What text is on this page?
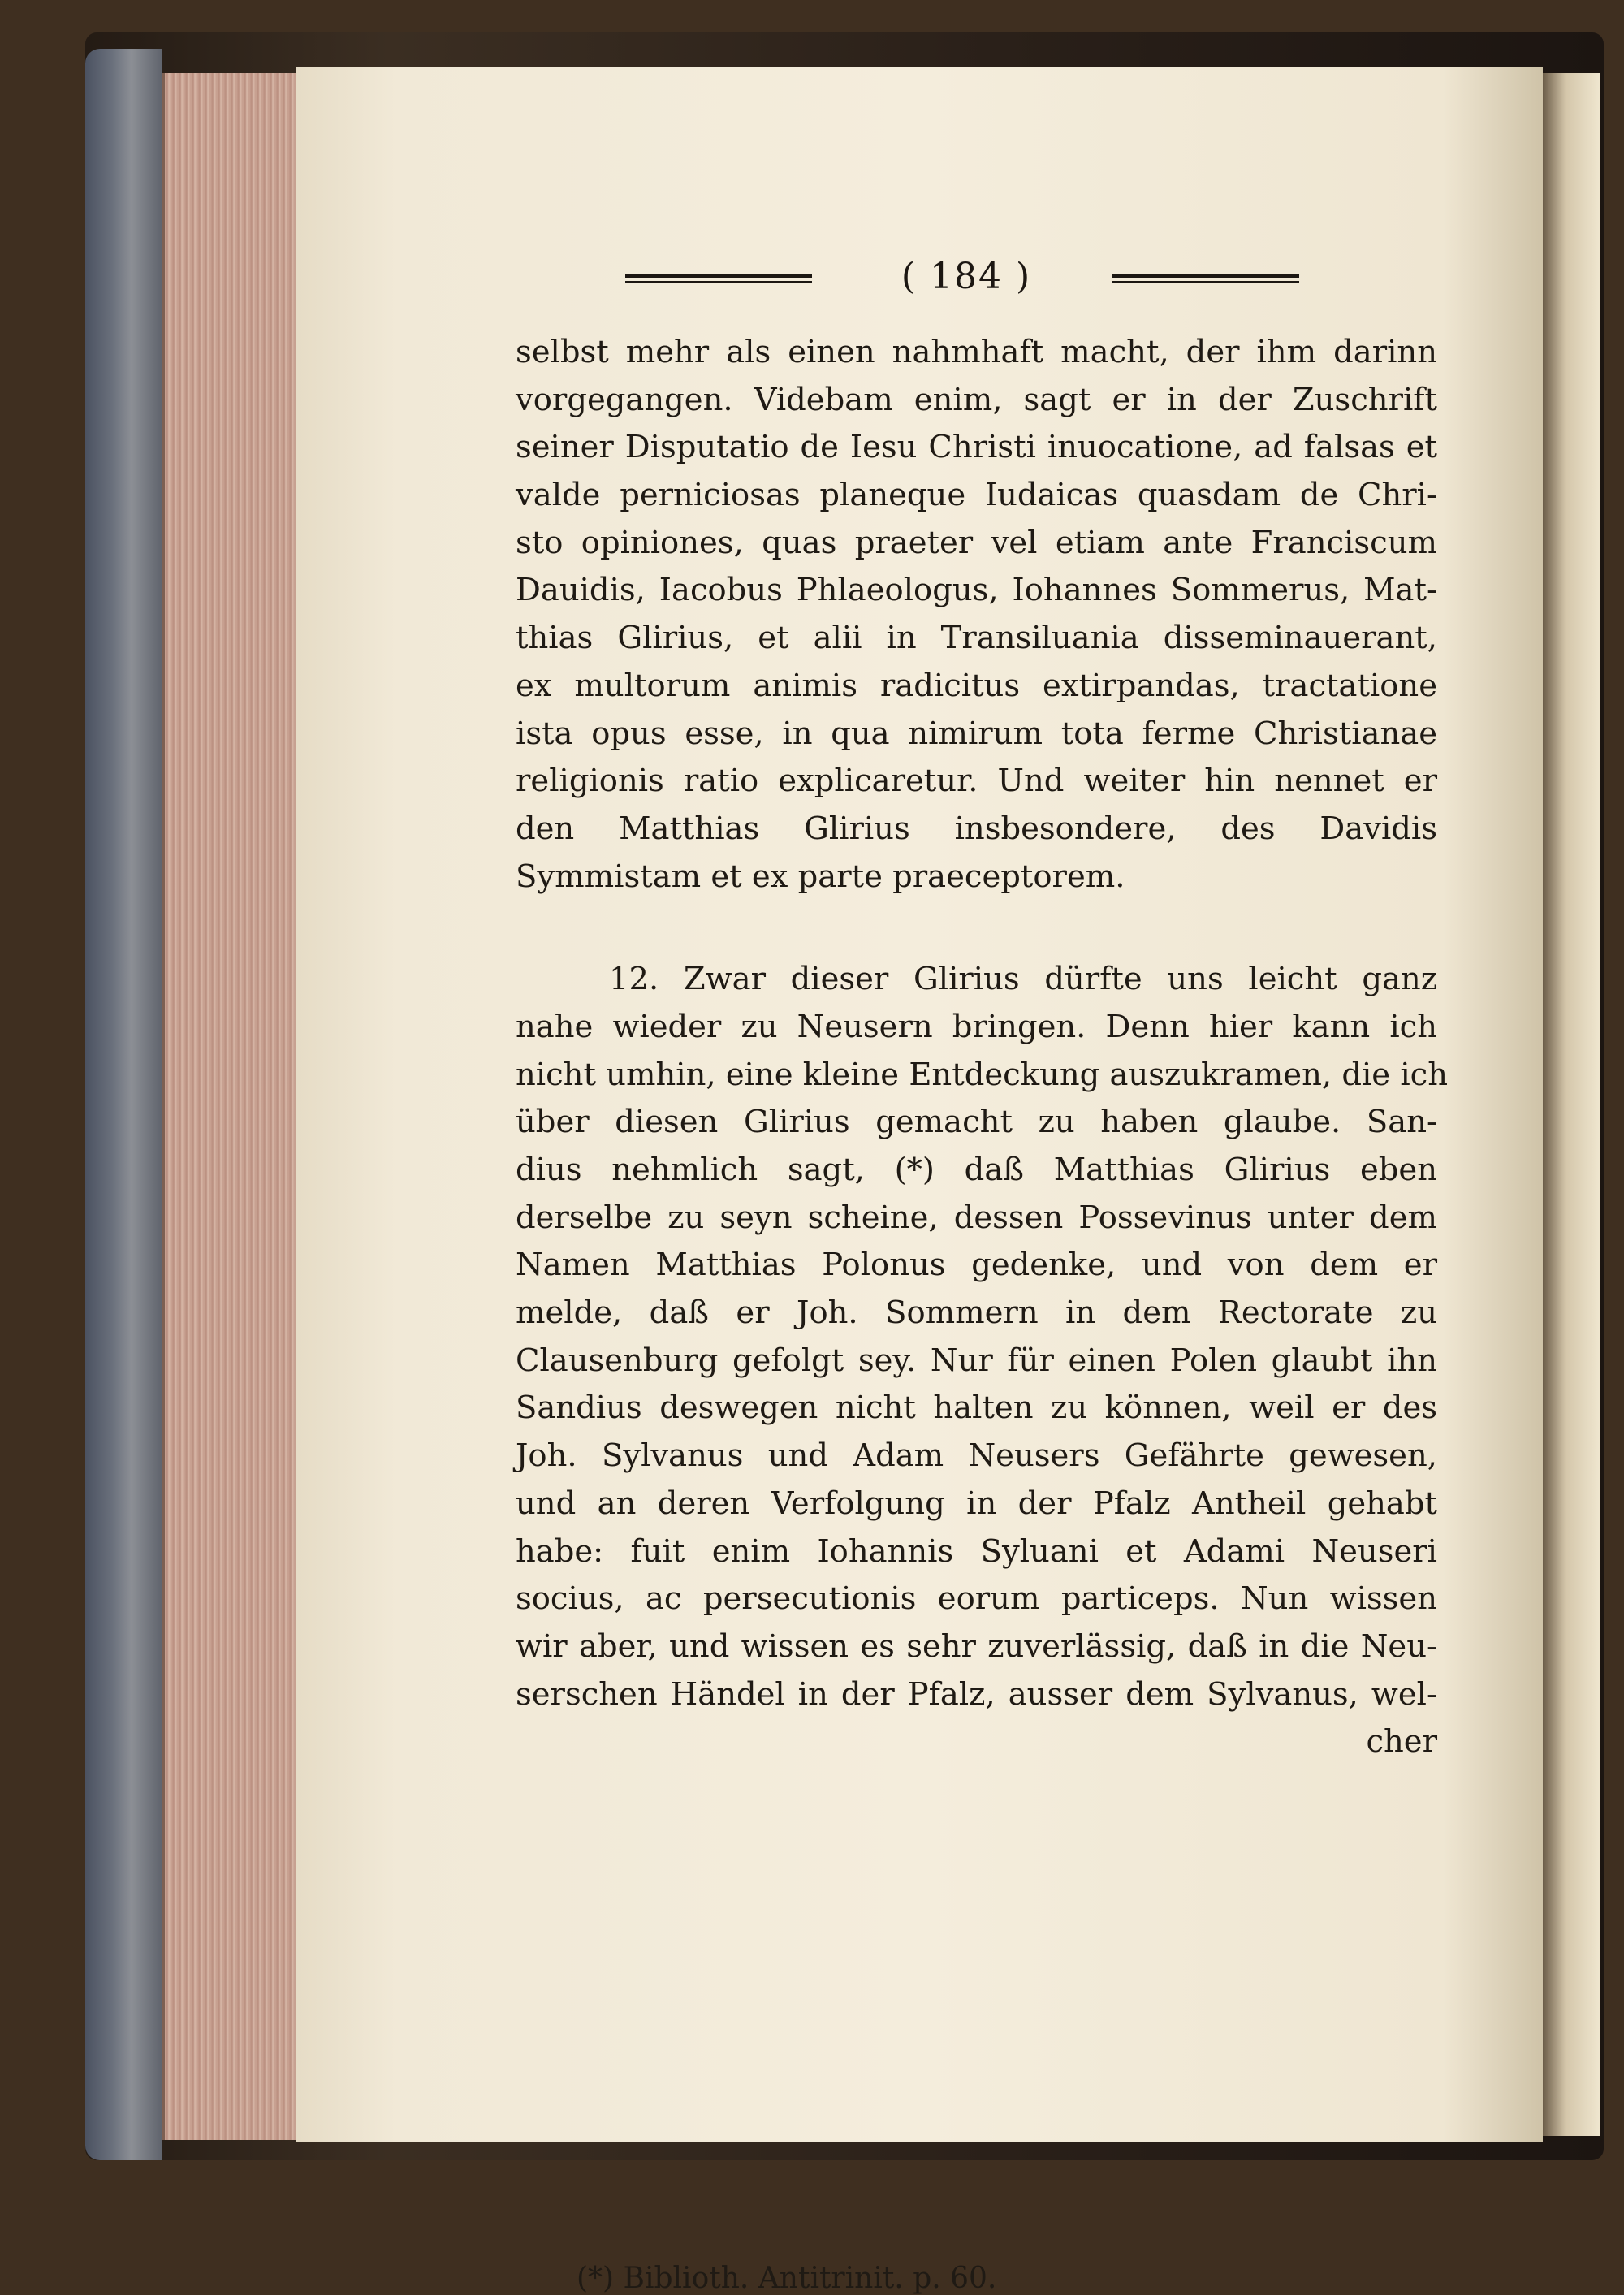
( 184 )
selbst mehr als einen nahmhaft macht, der ihm darinn
vorgegangen. Videbam enim, sagt er in der Zuschrift
seiner Disputatio de Iesu Christi inuocatione, ad falsas et
valde perniciosas planeque Iudaicas quasdam de Chri-
sto opiniones, quas praeter vel etiam ante Franciscum
Dauidis, Iacobus Phlaeologus, Iohannes Sommerus, Mat-
thias Glirius, et alii in Transiluania disseminauerant,
ex multorum animis radicitus extirpandas, tractatione
ista opus esse, in qua nimirum tota ferme Christianae
religionis ratio explicaretur. Und weiter hin nennet er
den Matthias Glirius insbesondere, des Davidis
Symmistam et ex parte praeceptorem.
12. Zwar dieser Glirius dürfte uns leicht ganz
nahe wieder zu Neusern bringen. Denn hier kann ich
nicht umhin, eine kleine Entdeckung auszukramen, die ich
über diesen Glirius gemacht zu haben glaube. San-
dius nehmlich sagt, (*) daß Matthias Glirius eben
derselbe zu seyn scheine, dessen Possevinus unter dem
Namen Matthias Polonus gedenke, und von dem er
melde, daß er Joh. Sommern in dem Rectorate zu
Clausenburg gefolgt sey. Nur für einen Polen glaubt ihn
Sandius deswegen nicht halten zu können, weil er des
Joh. Sylvanus und Adam Neusers Gefährte gewesen,
und an deren Verfolgung in der Pfalz Antheil gehabt
habe: fuit enim Iohannis Syluani et Adami Neuseri
socius, ac persecutionis eorum particeps. Nun wissen
wir aber, und wissen es sehr zuverlässig, daß in die Neu-
serschen Händel in der Pfalz, ausser dem Sylvanus, wel-
cher
(*) Biblioth. Antitrinit. p. 60.
